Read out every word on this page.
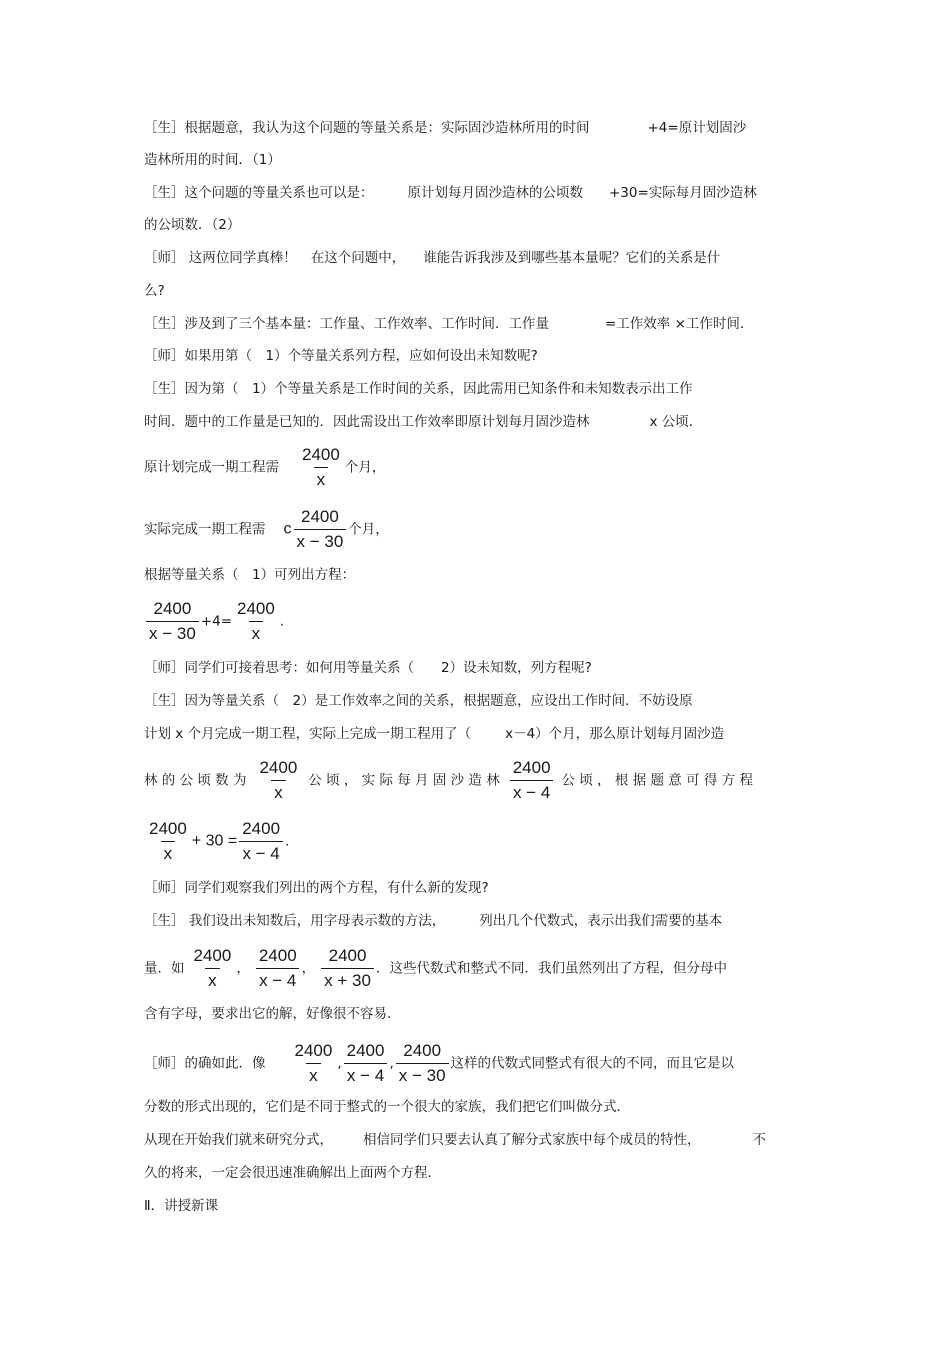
［生］根据题意，我认为这个问题的等量关系是：实际固沙造林所用的时间	+4=原计划固沙
造林所用的时间．（1）
［生］这个问题的等量关系也可以是：	原计划每月固沙造林的公顷数 +30=实际每月固沙造林
的公顷数．（2）
［师］ 这两位同学真棒！ 在这个问题中， 谁能告诉我涉及到哪些基本量呢？它们的关系是什
么?
［生］涉及到了三个基本量：工作量、工作效率、工作时间．工作量	=工作效率 ×工作时间．
［师］如果用第（　1）个等量关系列方程，应如何设出未知数呢?
［生］因为第（　1）个等量关系是工作时间的关系，因此需用已知条件和未知数表示出工作
时间．题中的工作量是已知的．因此需设出工作效率即原计划每月固沙造林	x 公顷．
原计划完成一期工程需 $\frac{2400}{x}$ 个月，
实际完成一期工程需 c $\frac{2400}{x - 30}$ 个月，
根据等量关系（　1）可列出方程：
$\frac{2400}{x - 30} +4= \frac{2400}{x}$ .
［师］同学们可接着思考：如何用等量关系（　　2）设未知数，列方程呢?
［生］因为等量关系（　2）是工作效率之间的关系，根据题意，应设出工作时间．不妨设原
计划 x 个月完成一期工程，实际上完成一期工程用了（	x－4）个月，那么原计划每月固沙造
林 的 公 顷 数 为 $\frac{2400}{x}$ 公 顷 ， 实 际 每 月 固 沙 造 林 $\frac{2400}{x - 4}$ 公 顷 ， 根 据 题 意 可 得 方 程
$\frac{2400}{x} + 30 = \frac{2400}{x - 4}$ .
［师］同学们观察我们列出的两个方程，有什么新的发现?
［生］ 我们设出未知数后，用字母表示数的方法，	列出几个代数式，表示出我们需要的基本
量．如 $\frac{2400}{x}$ ， $\frac{2400}{x - 4}$ ， $\frac{2400}{x + 30}$ ．这些代数式和整式不同．我们虽然列出了方程，但分母中
含有字母，要求出它的解，好像很不容易．
［师］的确如此．像 $\frac{2400}{x}$ , $\frac{2400}{x - 4}$ , $\frac{2400}{x - 30}$ 这样的代数式同整式有很大的不同，而且它是以
分数的形式出现的，它们是不同于整式的一个很大的家族，我们把它们叫做分式．
从现在开始我们就来研究分式， 相信同学们只要去认真了解分式家族中每个成员的特性，	不
久的将来，一定会很迅速准确解出上面两个方程．
Ⅱ．讲授新课
